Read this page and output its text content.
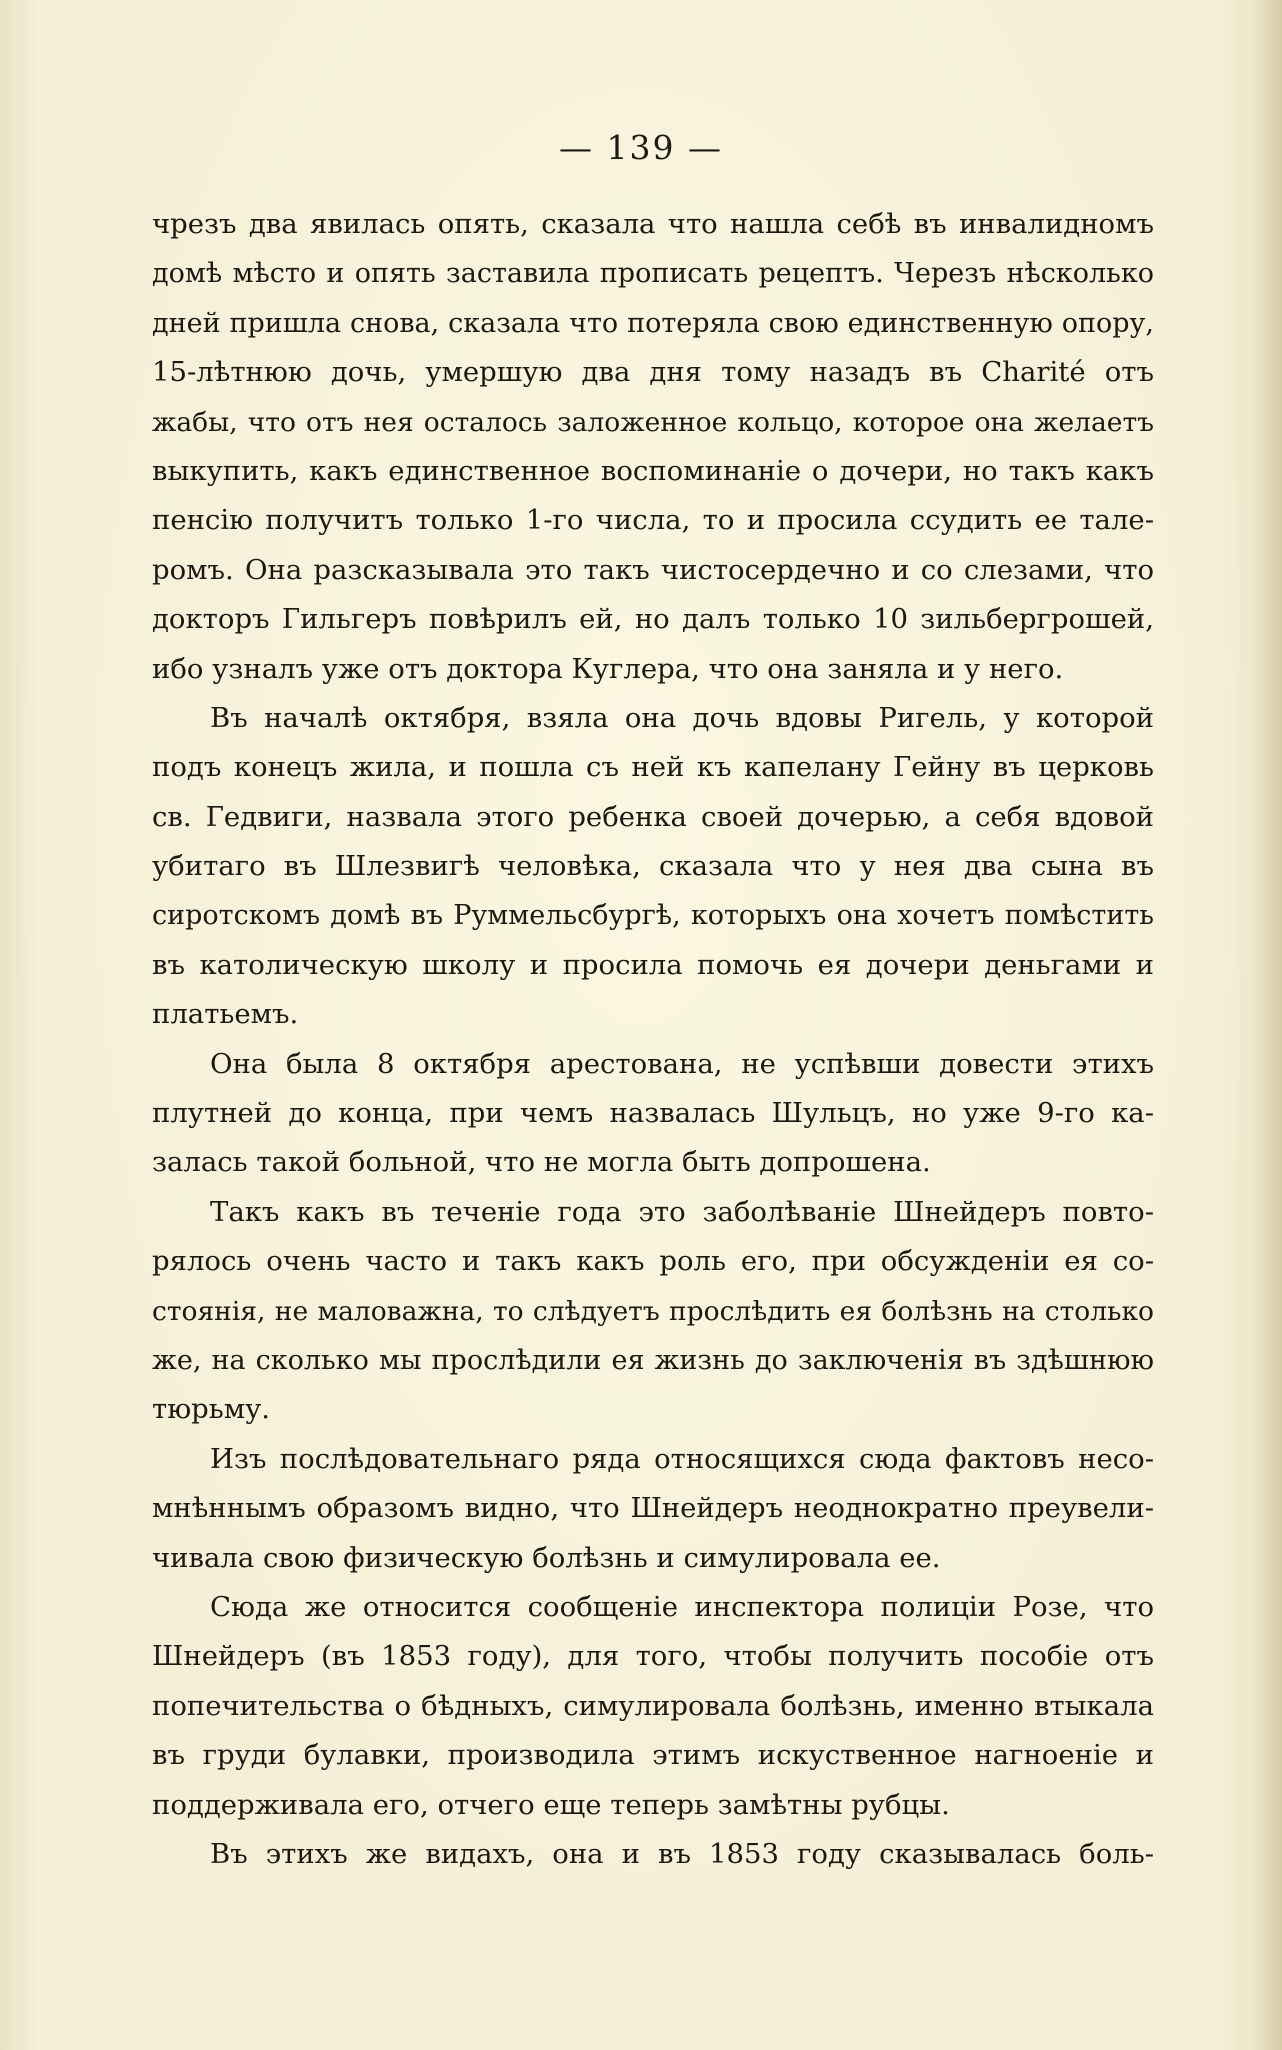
— 139 —
чрезъ два явилась опять, сказала что нашла себѣ въ инвалидномъ
домѣ мѣсто и опять заставила прописать рецептъ. Черезъ нѣсколько
дней пришла снова, сказала что потеряла свою единственную опору,
15-лѣтнюю дочь, умершую два дня тому назадъ въ Charité отъ
жабы, что отъ нея осталось заложенное кольцо, которое она желаетъ
выкупить, какъ единственное воспоминанiе о дочери, но такъ какъ
пенсiю получитъ только 1-го числа, то и просила ссудить ее тале-
ромъ. Она разсказывала это такъ чистосердечно и со слезами, что
докторъ Гильгеръ повѣрилъ ей, но далъ только 10 зильбергрошей,
ибо узналъ уже отъ доктора Куглера, что она заняла и у него.
Въ началѣ октября, взяла она дочь вдовы Ригель, у которой
подъ конецъ жила, и пошла съ ней къ капелану Гейну въ церковь
св. Гедвиги, назвала этого ребенка своей дочерью, а себя вдовой
убитаго въ Шлезвигѣ человѣка, сказала что у нея два сына въ
сиротскомъ домѣ въ Руммельсбургѣ, которыхъ она хочетъ помѣстить
въ католическую школу и просила помочь ея дочери деньгами и
платьемъ.
Она была 8 октября арестована, не успѣвши довести этихъ
плутней до конца, при чемъ назвалась Шульцъ, но уже 9-го ка-
залась такой больной, что не могла быть допрошена.
Такъ какъ въ теченiе года это заболѣванiе Шнейдеръ повто-
рялось очень часто и такъ какъ роль его, при обсужденiи ея со-
стоянiя, не маловажна, то слѣдуетъ прослѣдить ея болѣзнь на столько
же, на сколько мы прослѣдили ея жизнь до заключенiя въ здѣшнюю
тюрьму.
Изъ послѣдовательнаго ряда относящихся сюда фактовъ несо-
мнѣннымъ образомъ видно, что Шнейдеръ неоднократно преувели-
чивала свою физическую болѣзнь и симулировала ее.
Сюда же относится сообщенiе инспектора полицiи Розе, что
Шнейдеръ (въ 1853 году), для того, чтобы получить пособiе отъ
попечительства о бѣдныхъ, симулировала болѣзнь, именно втыкала
въ груди булавки, производила этимъ искуственное нагноенiе и
поддерживала его, отчего еще теперь замѣтны рубцы.
Въ этихъ же видахъ, она и въ 1853 году сказывалась боль-
